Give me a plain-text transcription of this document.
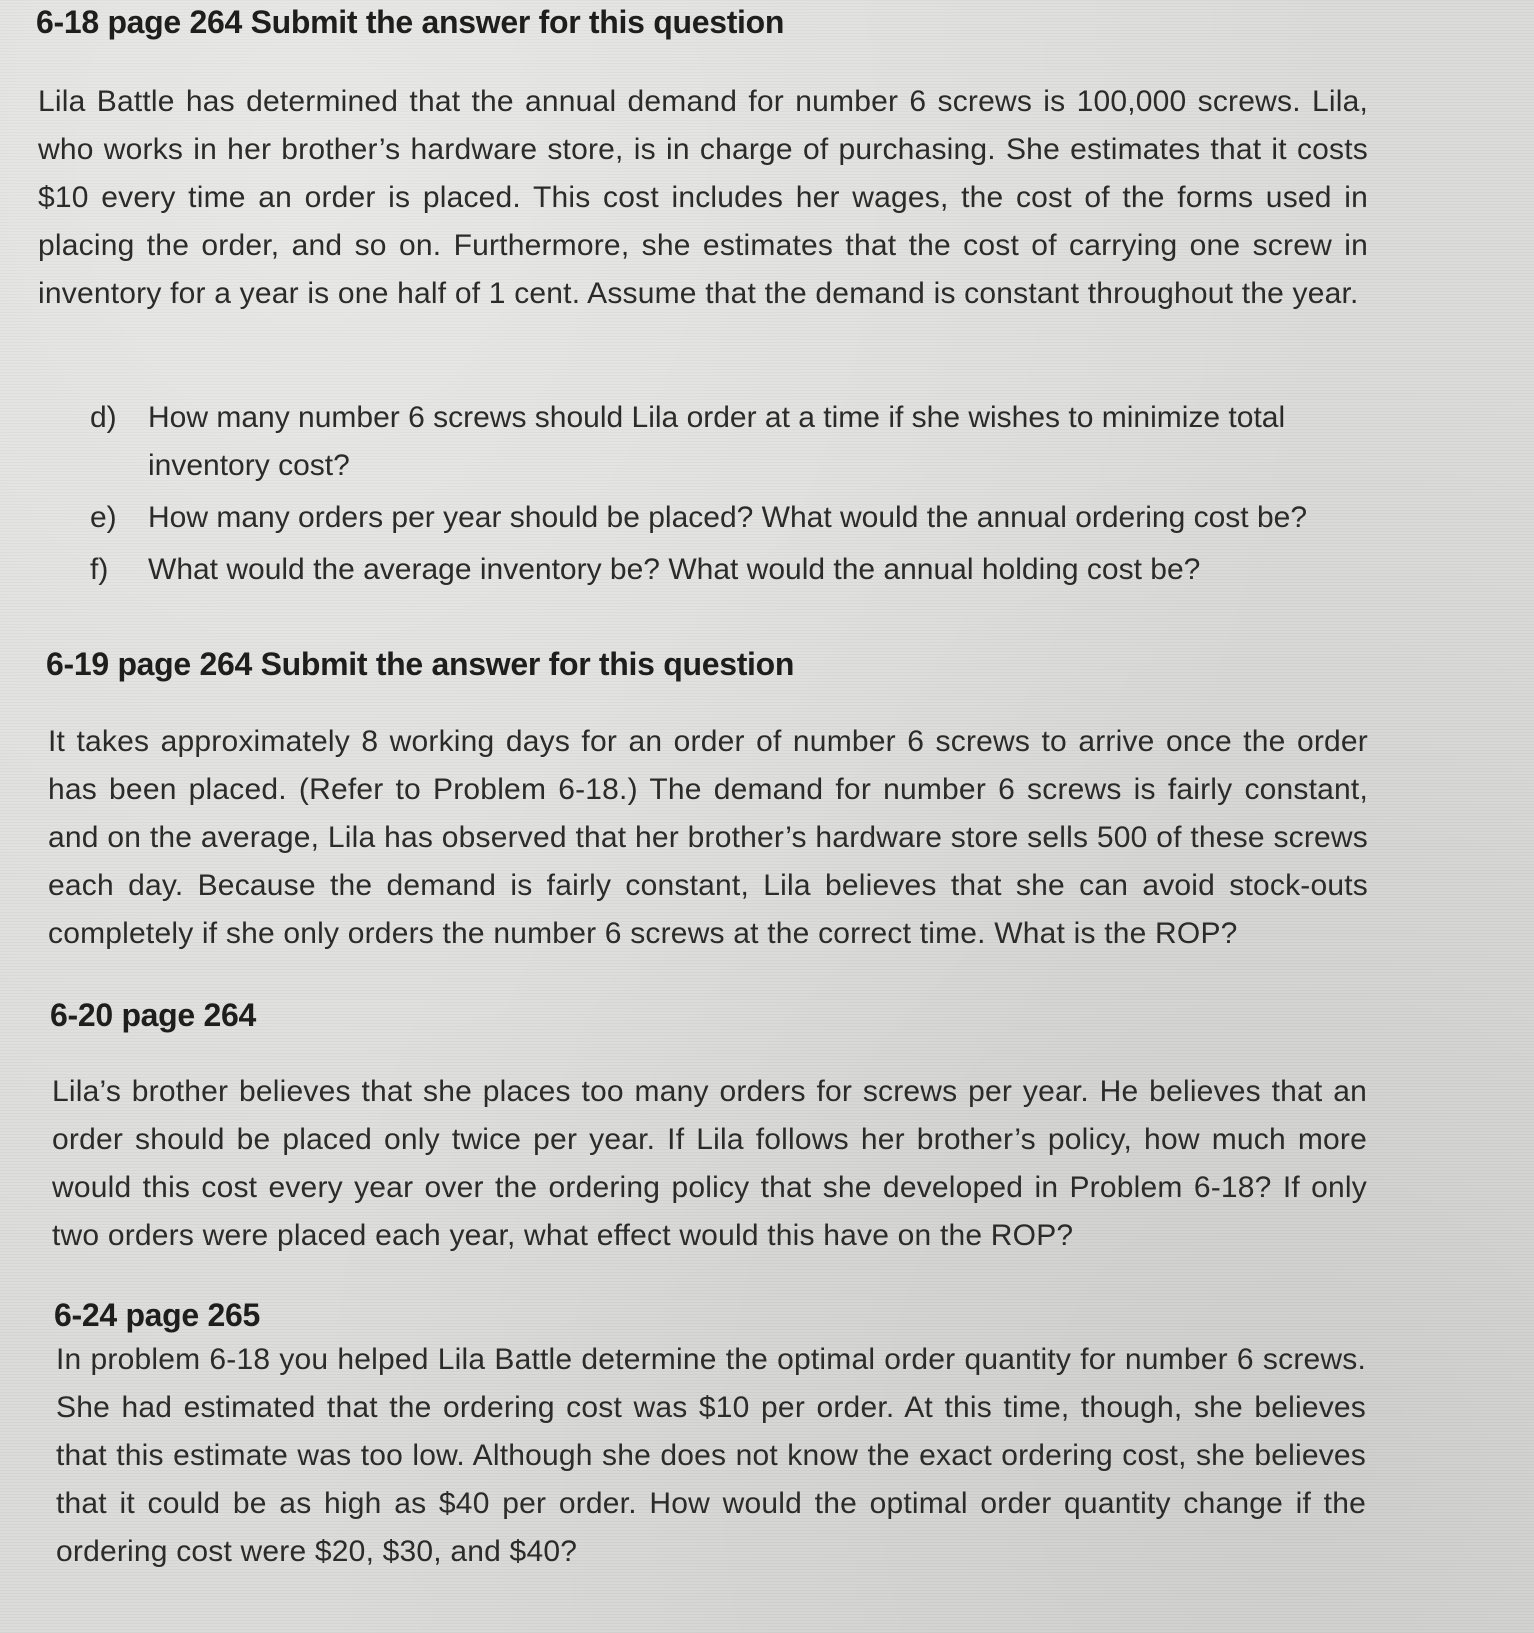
6-18 page 264 Submit the answer for this question
Lila Battle has determined that the annual demand for number 6 screws is 100,000 screws. Lila, who works in her brother’s hardware store, is in charge of purchasing. She estimates that it costs $10 every time an order is placed. This cost includes her wages, the cost of the forms used in placing the order, and so on. Furthermore, she estimates that the cost of carrying one screw in inventory for a year is one half of 1 cent. Assume that the demand is constant throughout the year.
d)	How many number 6 screws should Lila order at a time if she wishes to minimize total inventory cost?
e)	How many orders per year should be placed? What would the annual ordering cost be?
f)	What would the average inventory be? What would the annual holding cost be?
6-19 page 264 Submit the answer for this question
It takes approximately 8 working days for an order of number 6 screws to arrive once the order has been placed. (Refer to Problem 6-18.) The demand for number 6 screws is fairly constant, and on the average, Lila has observed that her brother’s hardware store sells 500 of these screws each day. Because the demand is fairly constant, Lila believes that she can avoid stock-outs completely if she only orders the number 6 screws at the correct time. What is the ROP?
6-20 page 264
Lila’s brother believes that she places too many orders for screws per year. He believes that an order should be placed only twice per year. If Lila follows her brother’s policy, how much more would this cost every year over the ordering policy that she developed in Problem 6-18? If only two orders were placed each year, what effect would this have on the ROP?
6-24 page 265
In problem 6-18 you helped Lila Battle determine the optimal order quantity for number 6 screws. She had estimated that the ordering cost was $10 per order. At this time, though, she believes that this estimate was too low. Although she does not know the exact ordering cost, she believes that it could be as high as $40 per order. How would the optimal order quantity change if the ordering cost were $20, $30, and $40?
